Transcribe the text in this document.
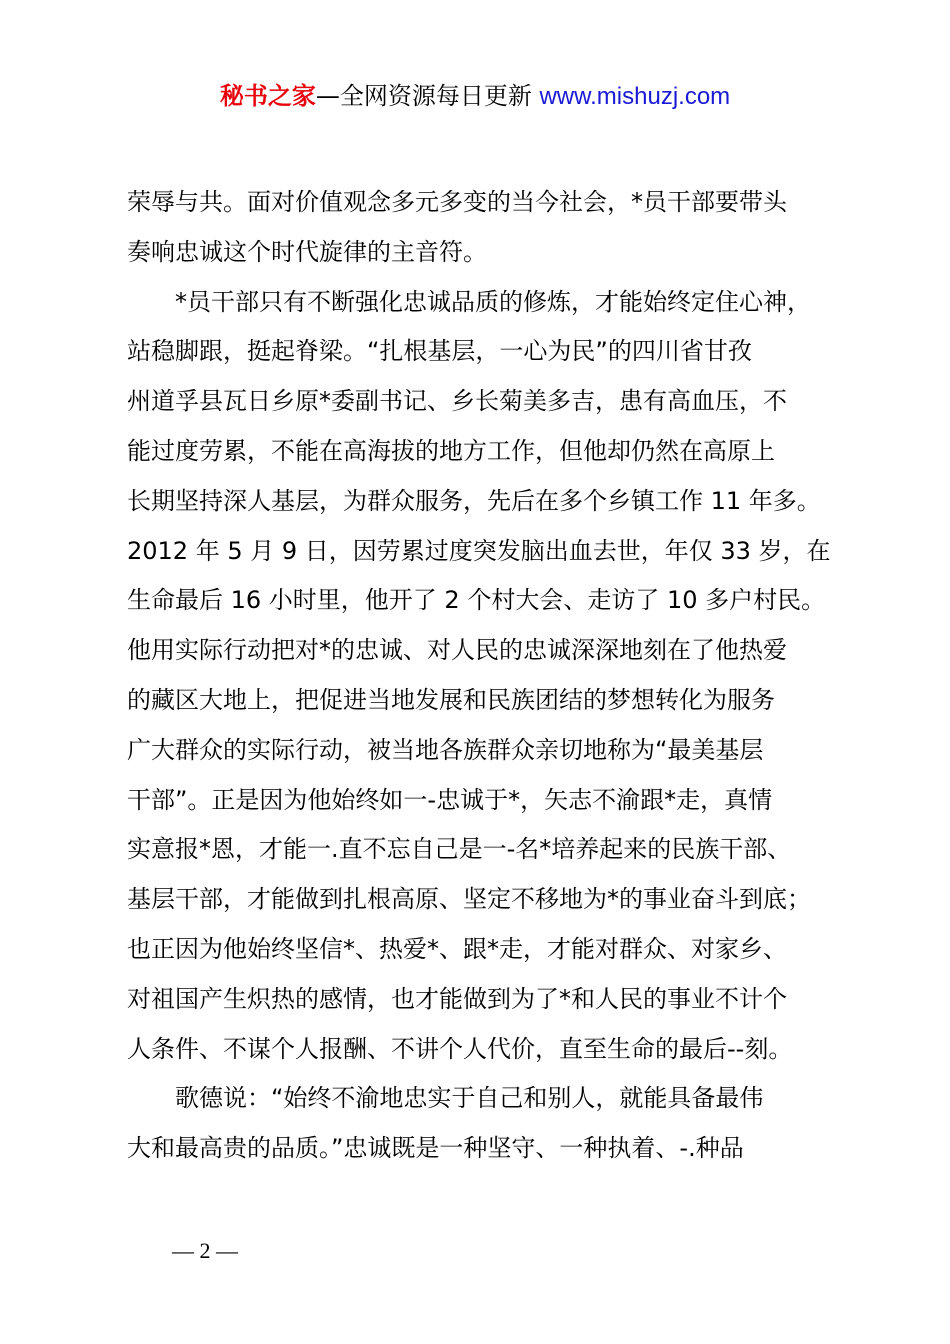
秘书之家—全网资源每日更新 www.mishuzj.com
荣辱与共。面对价值观念多元多变的当今社会，*员干部要带头
奏响忠诚这个时代旋律的主音符。
*员干部只有不断强化忠诚品质的修炼，才能始终定住心神，
站稳脚跟，挺起脊梁。“扎根基层，一心为民”的四川省甘孜
州道孚县瓦日乡原*委副书记、乡长菊美多吉，患有高血压，不
能过度劳累，不能在高海拔的地方工作，但他却仍然在高原上
长期坚持深人基层，为群众服务，先后在多个乡镇工作 11 年多。
2012 年 5 月 9 日，因劳累过度突发脑出血去世，年仅 33 岁，在
生命最后 16 小时里，他开了 2 个村大会、走访了 10 多户村民。
他用实际行动把对*的忠诚、对人民的忠诚深深地刻在了他热爱
的藏区大地上，把促进当地发展和民族团结的梦想转化为服务
广大群众的实际行动，被当地各族群众亲切地称为“最美基层
干部”。正是因为他始终如一-忠诚于*，矢志不渝跟*走，真情
实意报*恩，才能一.直不忘自己是一-名*培养起来的民族干部、
基层干部，才能做到扎根高原、坚定不移地为*的事业奋斗到底；
也正因为他始终坚信*、热爱*、跟*走，才能对群众、对家乡、
对祖国产生炽热的感情，也才能做到为了*和人民的事业不计个
人条件、不谋个人报酬、不讲个人代价，直至生命的最后--刻。
歌德说：“始终不渝地忠实于自己和别人，就能具备最伟
大和最高贵的品质。”忠诚既是一种坚守、一种执着、-.种品
— 2 —
